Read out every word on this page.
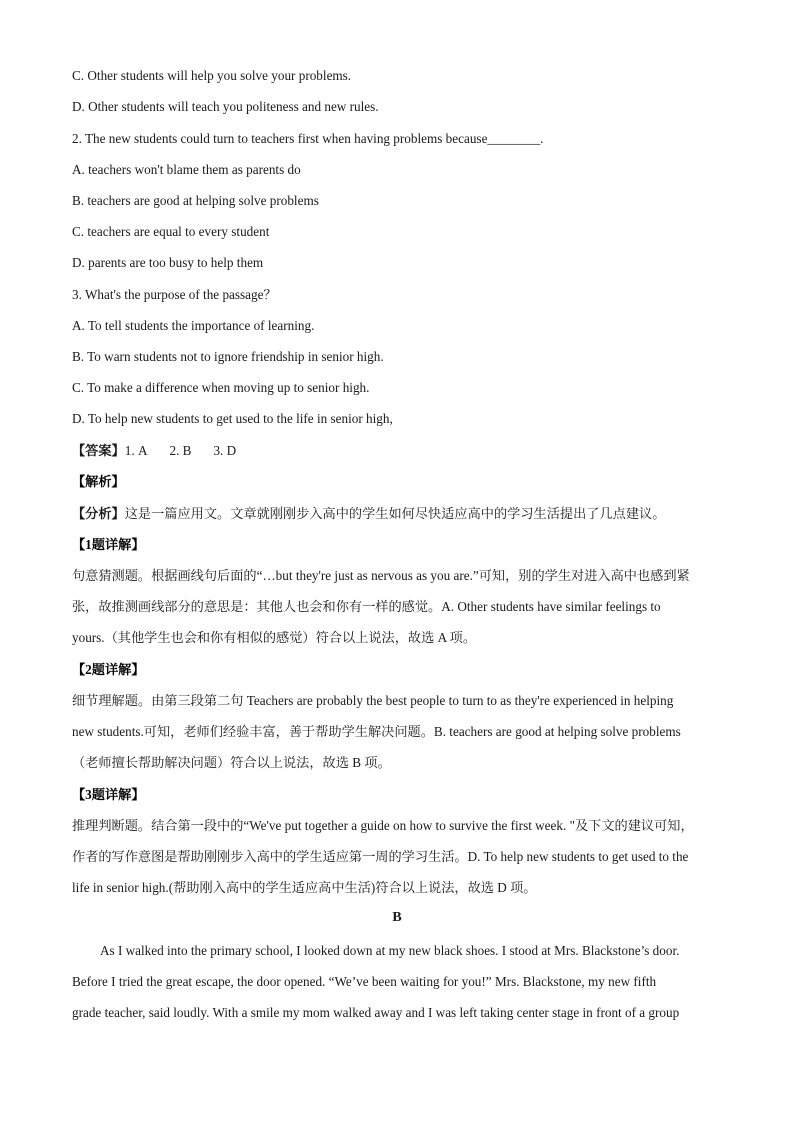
C. Other students will help you solve your problems.
D. Other students will teach you politeness and new rules.
2. The new students could turn to teachers first when having problems because________.
A. teachers won't blame them as parents do
B. teachers are good at helping solve problems
C. teachers are equal to every student
D. parents are too busy to help them
3. What's the purpose of the passage？
A. To tell students the importance of learning.
B. To warn students not to ignore friendship in senior high.
C. To make a difference when moving up to senior high.
D. To help new students to get used to the life in senior high,
【答案】1. A 2. B 3. D
【解析】
【分析】这是一篇应用文。文章就刚刚步入高中的学生如何尽快适应高中的学习生活提出了几点建议。
【1题详解】
句意猜测题。根据画线句后面的“…but they're just as nervous as you are.”可知，别的学生对进入高中也感到紧
张，故推测画线部分的意思是：其他人也会和你有一样的感觉。A. Other students have similar feelings to
yours.（其他学生也会和你有相似的感觉）符合以上说法，故选 A 项。
【2题详解】
细节理解题。由第三段第二句 Teachers are probably the best people to turn to as they're experienced in helping
new students.可知，老师们经验丰富，善于帮助学生解决问题。B. teachers are good at helping solve problems
（老师擅长帮助解决问题）符合以上说法，故选 B 项。
【3题详解】
推理判断题。结合第一段中的“We've put together a guide on how to survive the first week. "及下文的建议可知，
作者的写作意图是帮助刚刚步入高中的学生适应第一周的学习生活。D. To help new students to get used to the
life in senior high.(帮助刚入高中的学生适应高中生活)符合以上说法，故选 D 项。
B
As I walked into the primary school, I looked down at my new black shoes. I stood at Mrs. Blackstone’s door.
Before I tried the great escape, the door opened. “We’ve been waiting for you!” Mrs. Blackstone, my new fifth
grade teacher, said loudly. With a smile my mom walked away and I was left taking center stage in front of a group
